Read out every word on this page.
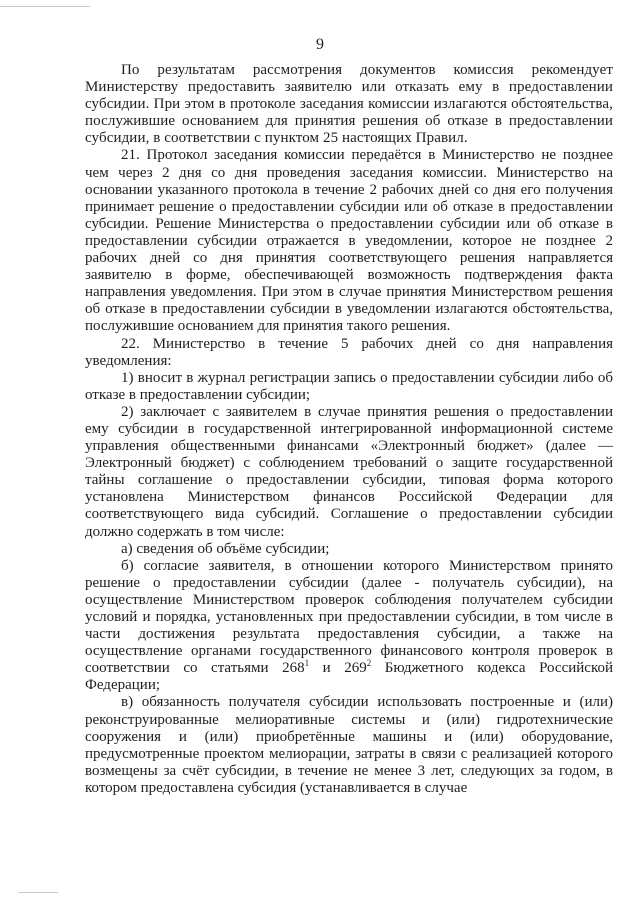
9

По результатам рассмотрения документов комиссия рекомендует Министерству предоставить заявителю или отказать ему в предоставлении субсидии. При этом в протоколе заседания комиссии излагаются обстоятельства, послужившие основанием для принятия решения об отказе в предоставлении субсидии, в соответствии с пунктом 25 настоящих Правил.

21. Протокол заседания комиссии передаётся в Министерство не позднее чем через 2 дня со дня проведения заседания комиссии. Министерство на основании указанного протокола в течение 2 рабочих дней со дня его получения принимает решение о предоставлении субсидии или об отказе в предоставлении субсидии. Решение Министерства о предоставлении субсидии или об отказе в предоставлении субсидии отражается в уведомлении, которое не позднее 2 рабочих дней со дня принятия соответствующего решения направляется заявителю в форме, обеспечивающей возможность подтверждения факта направления уведомления. При этом в случае принятия Министерством решения об отказе в предоставлении субсидии в уведомлении излагаются обстоятельства, послужившие основанием для принятия такого решения.

22. Министерство в течение 5 рабочих дней со дня направления уведомления:

1) вносит в журнал регистрации запись о предоставлении субсидии либо об отказе в предоставлении субсидии;

2) заключает с заявителем в случае принятия решения о предоставлении ему субсидии в государственной интегрированной информационной системе управления общественными финансами «Электронный бюджет» (далее — Электронный бюджет) с соблюдением требований о защите государственной тайны соглашение о предоставлении субсидии, типовая форма которого установлена Министерством финансов Российской Федерации для соответствующего вида субсидий. Соглашение о предоставлении субсидии должно содержать в том числе:

а) сведения об объёме субсидии;

б) согласие заявителя, в отношении которого Министерством принято решение о предоставлении субсидии (далее - получатель субсидии), на осуществление Министерством проверок соблюдения получателем субсидии условий и порядка, установленных при предоставлении субсидии, в том числе в части достижения результата предоставления субсидии, а также на осуществление органами государственного финансового контроля проверок в соответствии со статьями $268^1$ и $269^2$ Бюджетного кодекса Российской Федерации;

в) обязанность получателя субсидии использовать построенные и (или) реконструированные мелиоративные системы и (или) гидротехнические сооружения и (или) приобретённые машины и (или) оборудование, предусмотренные проектом мелиорации, затраты в связи с реализацией которого возмещены за счёт субсидии, в течение не менее 3 лет, следующих за годом, в котором предоставлена субсидия (устанавливается в случае
